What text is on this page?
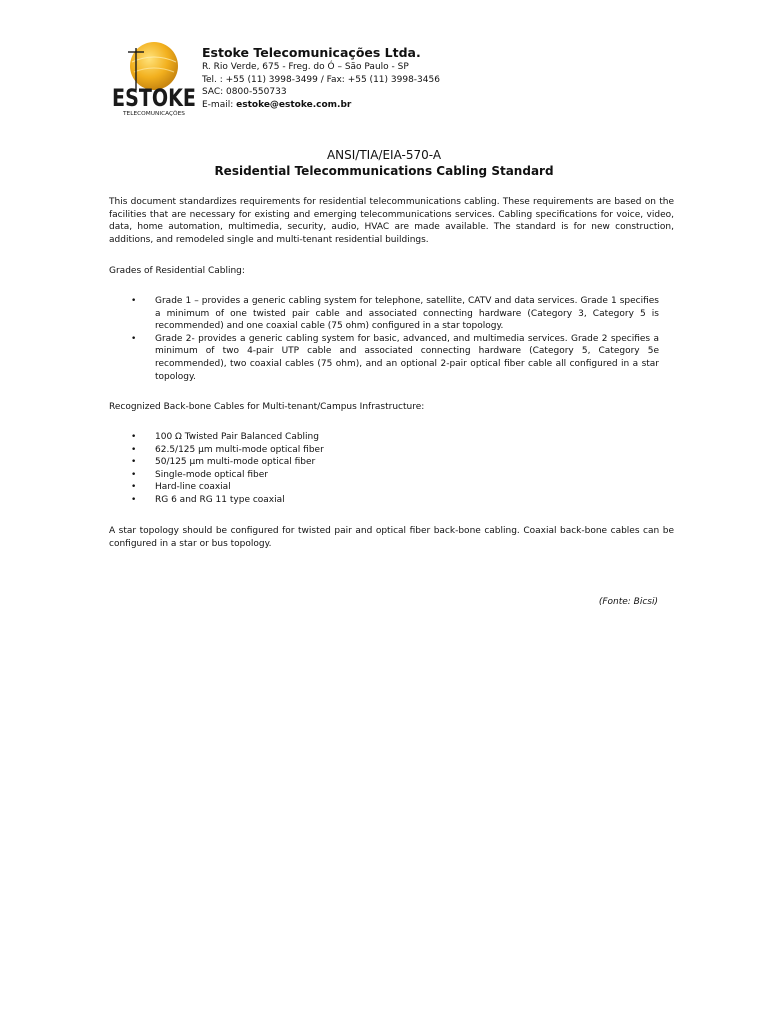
ESTOKE
TELECOMUNICAÇÕES
Estoke Telecomunicações Ltda.
R. Rio Verde, 675 - Freg. do Ó – São Paulo - SP
Tel. : +55 (11) 3998-3499 / Fax: +55 (11) 3998-3456
SAC: 0800-550733
E-mail: estoke@estoke.com.br
ANSI/TIA/EIA-570-A
Residential Telecommunications Cabling Standard
This document standardizes requirements for residential telecommunications cabling. These requirements are based on the facilities that are necessary for existing and emerging telecommunications services. Cabling specifications for voice, video, data, home automation, multimedia, security, audio, HVAC are made available. The standard is for new construction, additions, and remodeled single and multi-tenant residential buildings.
Grades of Residential Cabling:
• Grade 1 – provides a generic cabling system for telephone, satellite, CATV and data services. Grade 1 specifies a minimum of one twisted pair cable and associated connecting hardware (Category 3, Category 5 is recommended) and one coaxial cable (75 ohm) configured in a star topology.
• Grade 2- provides a generic cabling system for basic, advanced, and multimedia services. Grade 2 specifies a minimum of two 4-pair UTP cable and associated connecting hardware (Category 5, Category 5e recommended), two coaxial cables (75 ohm), and an optional 2-pair optical fiber cable all configured in a star topology.
Recognized Back-bone Cables for Multi-tenant/Campus Infrastructure:
• 100 Ω Twisted Pair Balanced Cabling
• 62.5/125 μm multi-mode optical fiber
• 50/125 μm multi-mode optical fiber
• Single-mode optical fiber
• Hard-line coaxial
• RG 6 and RG 11 type coaxial
A star topology should be configured for twisted pair and optical fiber back-bone cabling. Coaxial back-bone cables can be configured in a star or bus topology.
(Fonte: Bicsi)
